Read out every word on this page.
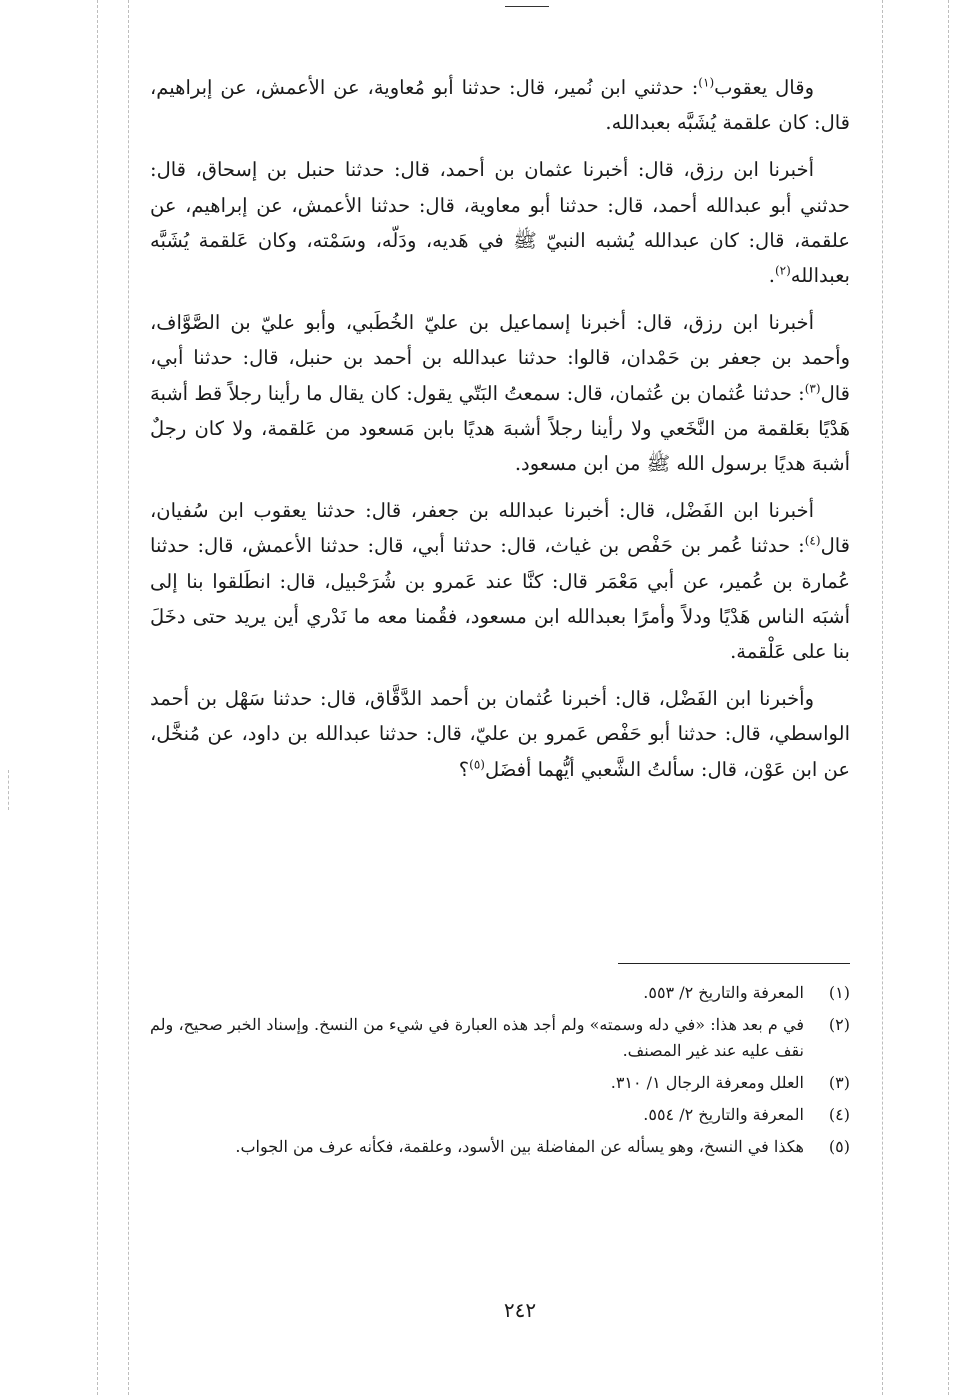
وقال يعقوب$^{(١)}$: حدثني ابن نُمير، قال: حدثنا أبو مُعاوية، عن الأعمش، عن إبراهيم، قال: كان علقمة يُشَبَّه بعبدالله.

أخبرنا ابن رزق، قال: أخبرنا عثمان بن أحمد، قال: حدثنا حنبل بن إسحاق، قال: حدثني أبو عبدالله أحمد، قال: حدثنا أبو معاوية، قال: حدثنا الأعمش، عن إبراهيم، عن علقمة، قال: كان عبدالله يُشبه النبيّ ﷺ في هَديه، ودَلّه، وسَمْته، وكان عَلقمة يُشَبَّه بعبدالله$^{(٢)}$.

أخبرنا ابن رزق، قال: أخبرنا إسماعيل بن عليّ الخُطَبي، وأبو عليّ بن الصَّوَّاف، وأحمد بن جعفر بن حَمْدان، قالوا: حدثنا عبدالله بن أحمد بن حنبل، قال: حدثنا أبي، قال$^{(٣)}$: حدثنا عُثمان بن عُثمان، قال: سمعتُ البَتّي يقول: كان يقال ما رأينا رجلاً قط أشبهَ هَدْيًا بعَلقمة من النَّخَعي ولا رأينا رجلاً أشبهَ هديًا بابن مَسعود من عَلقمة، ولا كان رجلٌ أشبهَ هديًا برسول الله ﷺ من ابن مسعود.

أخبرنا ابن الفَضْل، قال: أخبرنا عبدالله بن جعفر، قال: حدثنا يعقوب ابن سُفيان، قال$^{(٤)}$: حدثنا عُمر بن حَفْص بن غياث، قال: حدثنا أبي، قال: حدثنا الأعمش، قال: حدثنا عُمارة بن عُمير، عن أبي مَعْمَر قال: كنَّا عند عَمرو بن شُرَحْبيل، قال: انطَلقوا بنا إلى أشبَه الناس هَدْيًا ودلاً وأمرًا بعبدالله ابن مسعود، فقُمنا معه ما نَدْري أين يريد حتى دخَلَ بنا على عَلْقمة.

وأخبرنا ابن الفَضْل، قال: أخبرنا عُثمان بن أحمد الدَّقَّاق، قال: حدثنا سَهْل بن أحمد الواسطي، قال: حدثنا أبو حَفْص عَمرو بن عليّ، قال: حدثنا عبدالله بن داود، عن مُنخَّل، عن ابن عَوْن، قال: سألتُ الشَّعبي أيُّهما أفضَل$^{(٥)}$؟

(١)
المعرفة والتاريخ ٢/ ٥٥٣.
(٢)
في م بعد هذا: «في دله وسمته» ولم أجد هذه العبارة في شيء من النسخ. وإسناد الخبر صحيح، ولم نقف عليه عند غير المصنف.
(٣)
العلل ومعرفة الرجال ١/ ٣١٠.
(٤)
المعرفة والتاريخ ٢/ ٥٥٤.
(٥)
هكذا في النسخ، وهو يسأله عن المفاضلة بين الأسود، وعلقمة، فكأنه عرف من الجواب.
٢٤٢
